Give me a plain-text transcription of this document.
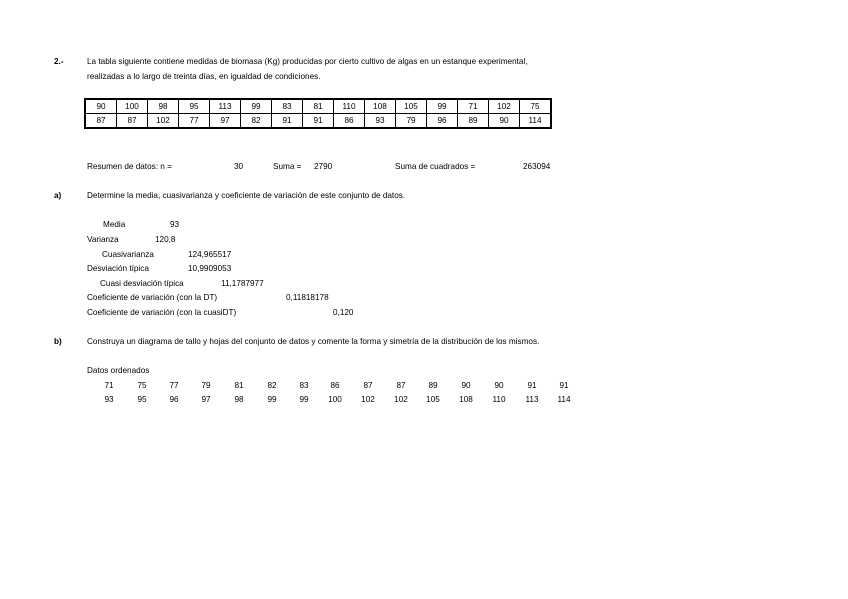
2.-	La tabla siguiente contiene medidas de biomasa (Kg) producidas por cierto cultivo de algas en un estanque experimental,
realizadas a lo largo de treinta días, en igualdad de condiciones.
90	100	98	95	113	99	83	81	110	108	105	99	71	102	75
87	87	102	77	97	82	91	91	86	93	79	96	89	90	114
Resumen de datos: n =	30	Suma = 2790	Suma de cuadrados =	263094
a)	Determine la media, cuasivarianza y coeficiente de variación de este conjunto de datos.
Media	93
Varianza	120,8
Cuasivarianza	124,965517
Desviación típica	10,9909053
Cuasi desviación típica	11,1787977
Coeficiente de variación (con la DT)	0,11818178
Coeficiente de variación (con la cuasiDT)	0,120
b)	Construya un diagrama de tallo y hojas del conjunto de datos y comente la forma y simetría de la distribución de los mismos.
Datos ordenados
71	75	77	79	81	82	83	86	87	87	89	90	90	91	91
93	95	96	97	98	99	99	100	102	102	105	108	110	113	114
